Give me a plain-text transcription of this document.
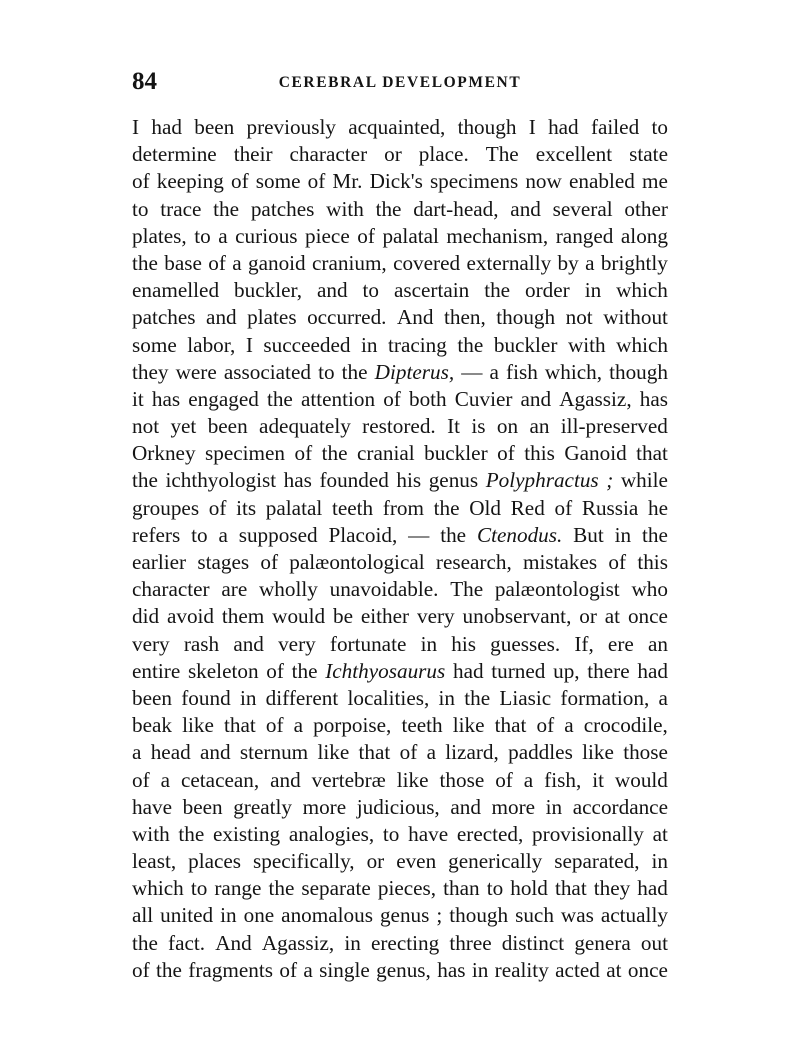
84	CEREBRAL DEVELOPMENT
I had been previously acquainted, though I had failed to
determine their character or place. The excellent state
of keeping of some of Mr. Dick's specimens now enabled me
to trace the patches with the dart-head, and several other
plates, to a curious piece of palatal mechanism, ranged along
the base of a ganoid cranium, covered externally by a brightly
enamelled buckler, and to ascertain the order in which
patches and plates occurred. And then, though not without
some labor, I succeeded in tracing the buckler with which
they were associated to the Dipterus, — a fish which, though
it has engaged the attention of both Cuvier and Agassiz, has
not yet been adequately restored. It is on an ill-preserved
Orkney specimen of the cranial buckler of this Ganoid that
the ichthyologist has founded his genus Polyphractus ; while
groupes of its palatal teeth from the Old Red of Russia he
refers to a supposed Placoid, — the Ctenodus. But in the
earlier stages of palæontological research, mistakes of this
character are wholly unavoidable. The palæontologist who
did avoid them would be either very unobservant, or at once
very rash and very fortunate in his guesses. If, ere an
entire skeleton of the Ichthyosaurus had turned up, there had
been found in different localities, in the Liasic formation, a
beak like that of a porpoise, teeth like that of a crocodile,
a head and sternum like that of a lizard, paddles like those
of a cetacean, and vertebræ like those of a fish, it would
have been greatly more judicious, and more in accordance
with the existing analogies, to have erected, provisionally at
least, places specifically, or even generically separated, in
which to range the separate pieces, than to hold that they had
all united in one anomalous genus ; though such was actually
the fact. And Agassiz, in erecting three distinct genera out
of the fragments of a single genus, has in reality acted at once
